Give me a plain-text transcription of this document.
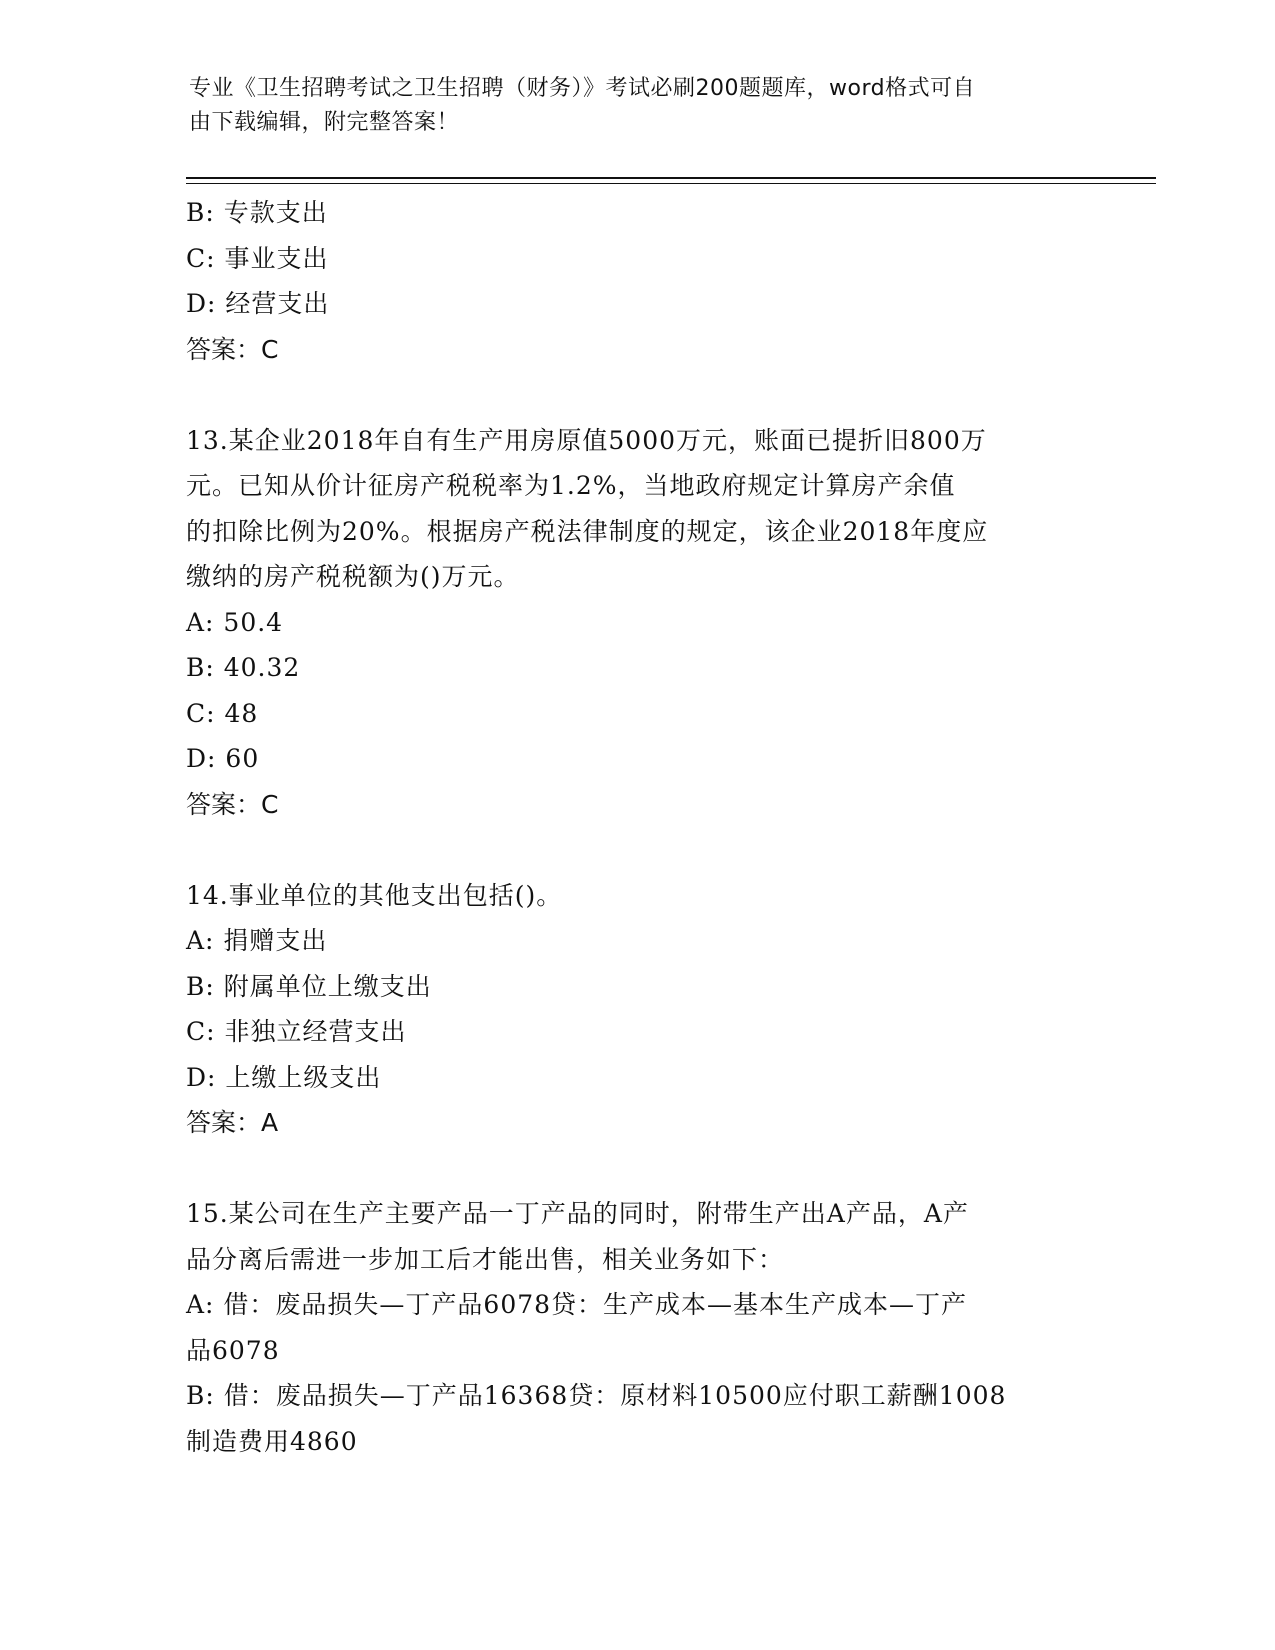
专业《卫生招聘考试之卫生招聘（财务）》考试必刷200题题库，word格式可自
由下载编辑，附完整答案！
B: 专款支出
C: 事业支出
D: 经营支出
答案：C
13.某企业2018年自有生产用房原值5000万元，账面已提折旧800万
元。已知从价计征房产税税率为1.2%，当地政府规定计算房产余值
的扣除比例为20%。根据房产税法律制度的规定，该企业2018年度应
缴纳的房产税税额为()万元。
A: 50.4
B: 40.32
C: 48
D: 60
答案：C
14.事业单位的其他支出包括()。
A: 捐赠支出
B: 附属单位上缴支出
C: 非独立经营支出
D: 上缴上级支出
答案：A
15.某公司在生产主要产品一丁产品的同时，附带生产出A产品，A产
品分离后需进一步加工后才能出售，相关业务如下：
A: 借：废品损失—丁产品6078贷：生产成本—基本生产成本—丁产
品6078
B: 借：废品损失—丁产品16368贷：原材料10500应付职工薪酬1008
制造费用4860
